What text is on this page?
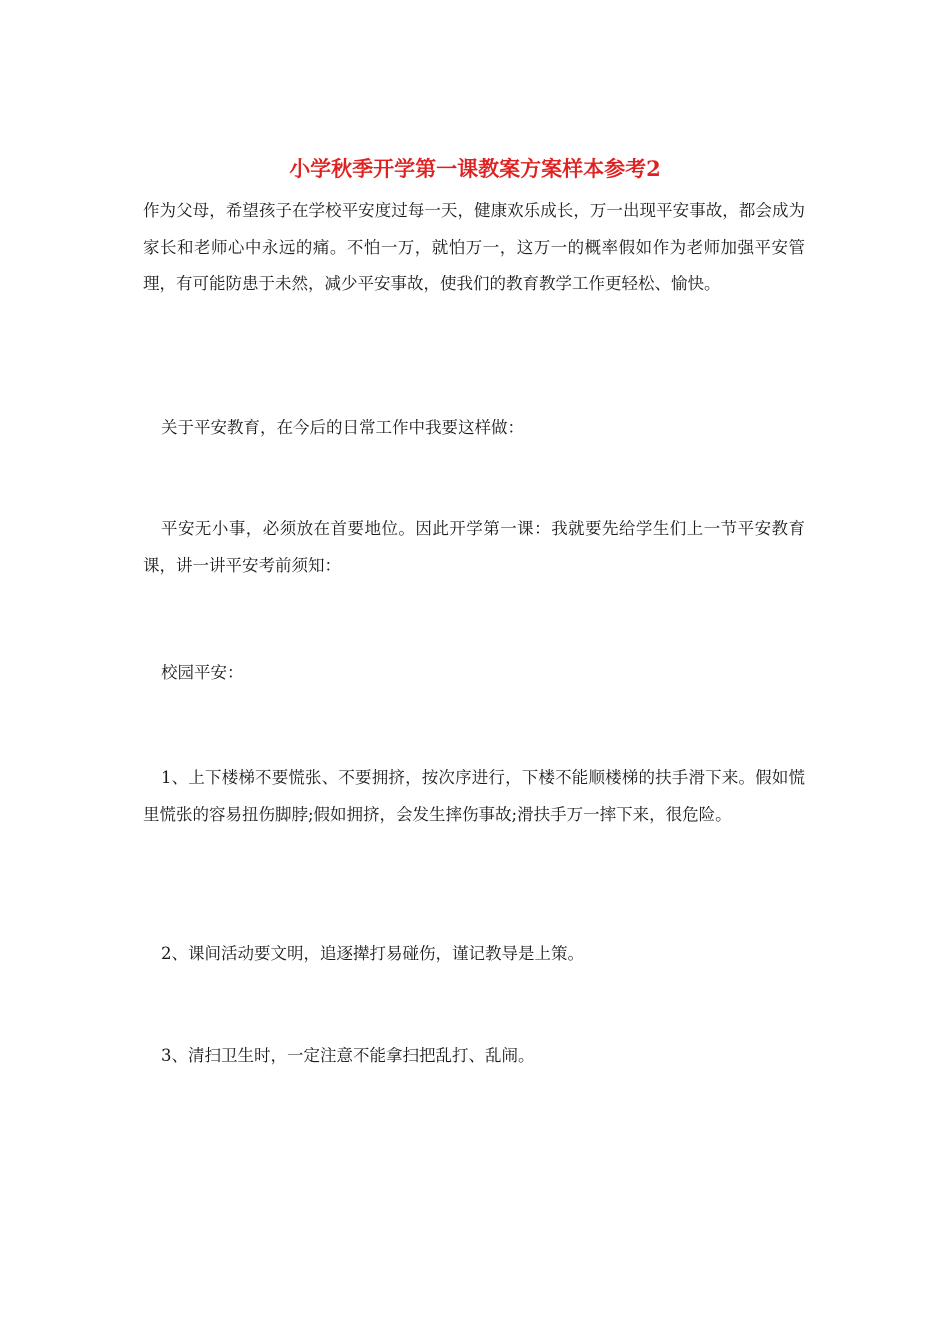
小学秋季开学第一课教案方案样本参考2

作为父母，希望孩子在学校平安度过每一天，健康欢乐成长，万一出现平安事故，都会成为家长和老师心中永远的痛。不怕一万，就怕万一，这万一的概率假如作为老师加强平安管理，有可能防患于未然，减少平安事故，使我们的教育教学工作更轻松、愉快。

关于平安教育，在今后的日常工作中我要这样做：

平安无小事，必须放在首要地位。因此开学第一课：我就要先给学生们上一节平安教育课，讲一讲平安考前须知：

校园平安：

1、上下楼梯不要慌张、不要拥挤，按次序进行，下楼不能顺楼梯的扶手滑下来。假如慌里慌张的容易扭伤脚脖;假如拥挤，会发生摔伤事故;滑扶手万一摔下来，很危险。

2、课间活动要文明，追逐撵打易碰伤，谨记教导是上策。

3、清扫卫生时，一定注意不能拿扫把乱打、乱闹。
